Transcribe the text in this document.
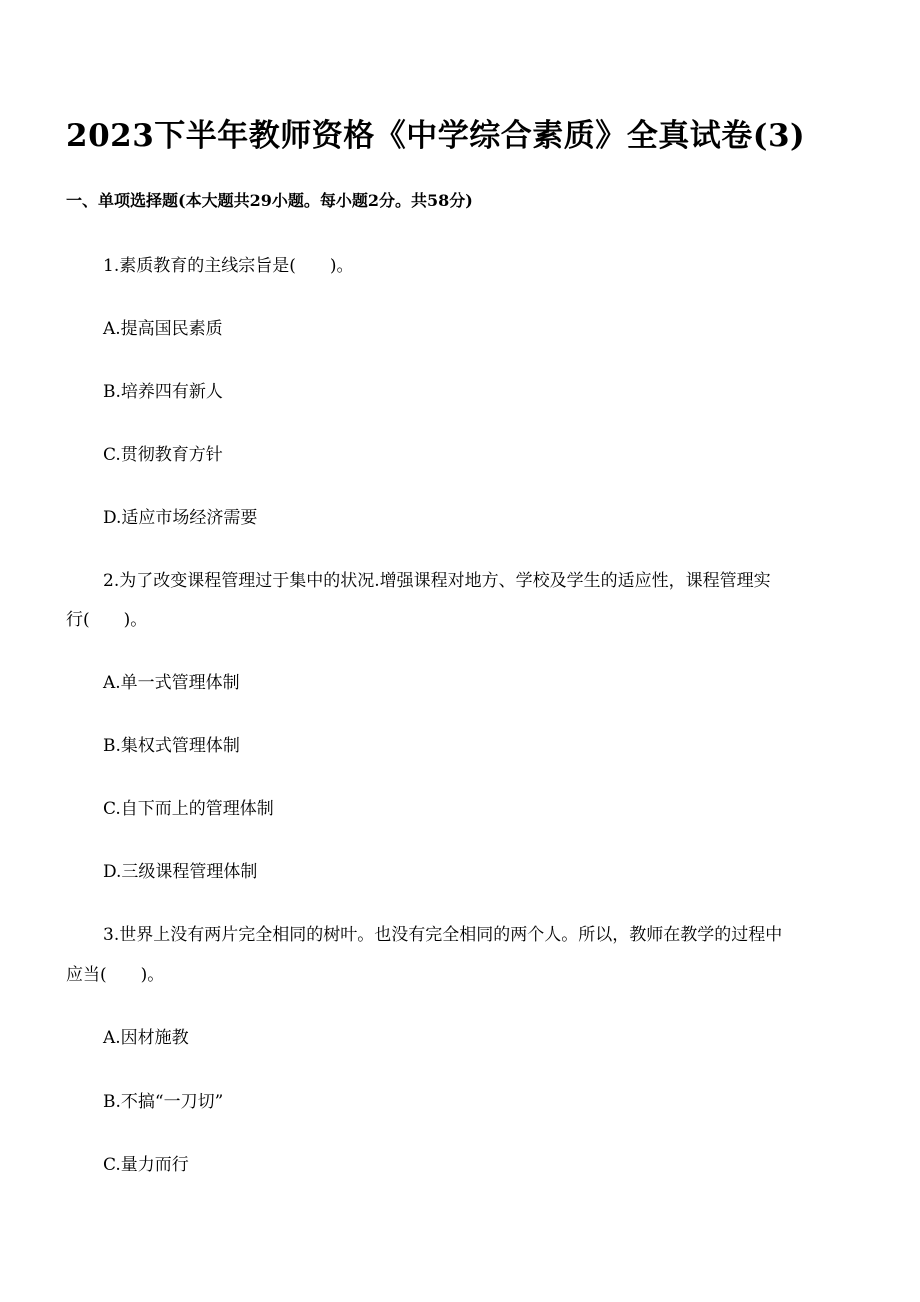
2023下半年教师资格《中学综合素质》全真试卷(3)
一、单项选择题(本大题共29小题。每小题2分。共58分)
1.素质教育的主线宗旨是(　　)。
A.提高国民素质
B.培养四有新人
C.贯彻教育方针
D.适应市场经济需要
2.为了改变课程管理过于集中的状况.增强课程对地方、学校及学生的适应性，课程管理实
行(　　)。
A.单一式管理体制
B.集权式管理体制
C.自下而上的管理体制
D.三级课程管理体制
3.世界上没有两片完全相同的树叶。也没有完全相同的两个人。所以，教师在教学的过程中
应当(　　)。
A.因材施教
B.不搞“一刀切”
C.量力而行
